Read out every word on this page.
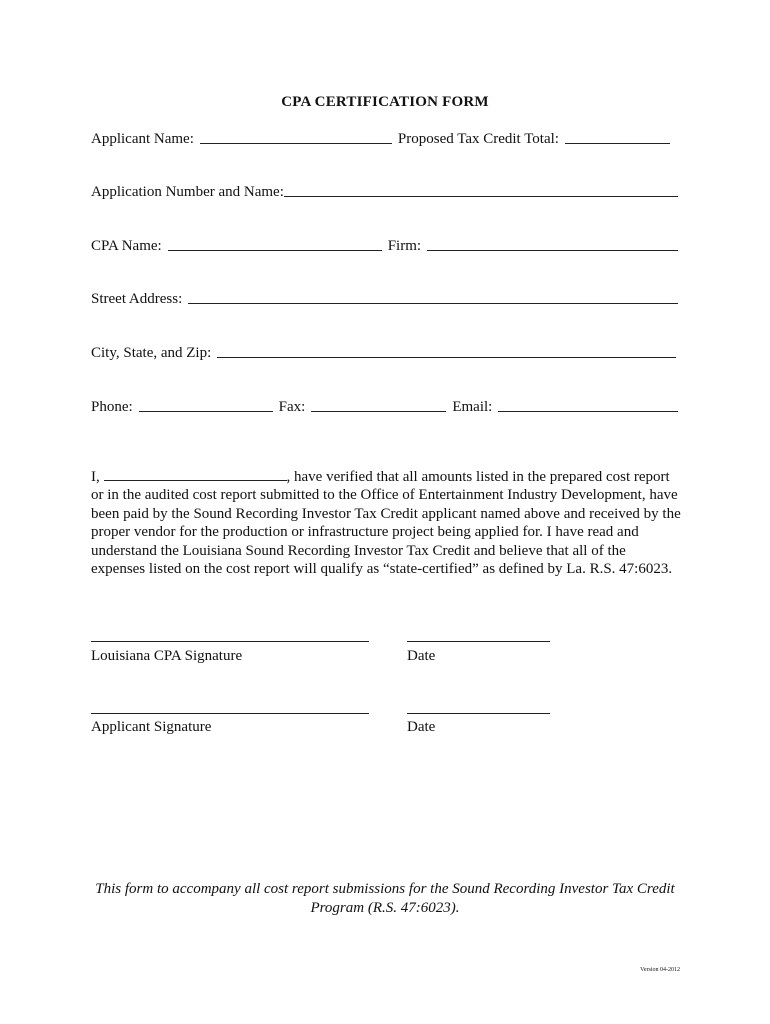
CPA CERTIFICATION FORM
Applicant Name:	Proposed Tax Credit Total:
Application Number and Name:
CPA Name:	Firm:
Street Address:
City, State, and Zip:
Phone:	Fax:	Email:
I,	, have verified that all amounts listed in the prepared cost report or in the audited cost report submitted to the Office of Entertainment Industry Development, have been paid by the Sound Recording Investor Tax Credit applicant named above and received by the proper vendor for the production or infrastructure project being applied for. I have read and understand the Louisiana Sound Recording Investor Tax Credit and believe that all of the expenses listed on the cost report will qualify as “state-certified” as defined by La. R.S. 47:6023.
Louisiana CPA Signature	Date
Applicant Signature	Date
This form to accompany all cost report submissions for the Sound Recording Investor Tax Credit
Program (R.S. 47:6023).
Version 04-2012
